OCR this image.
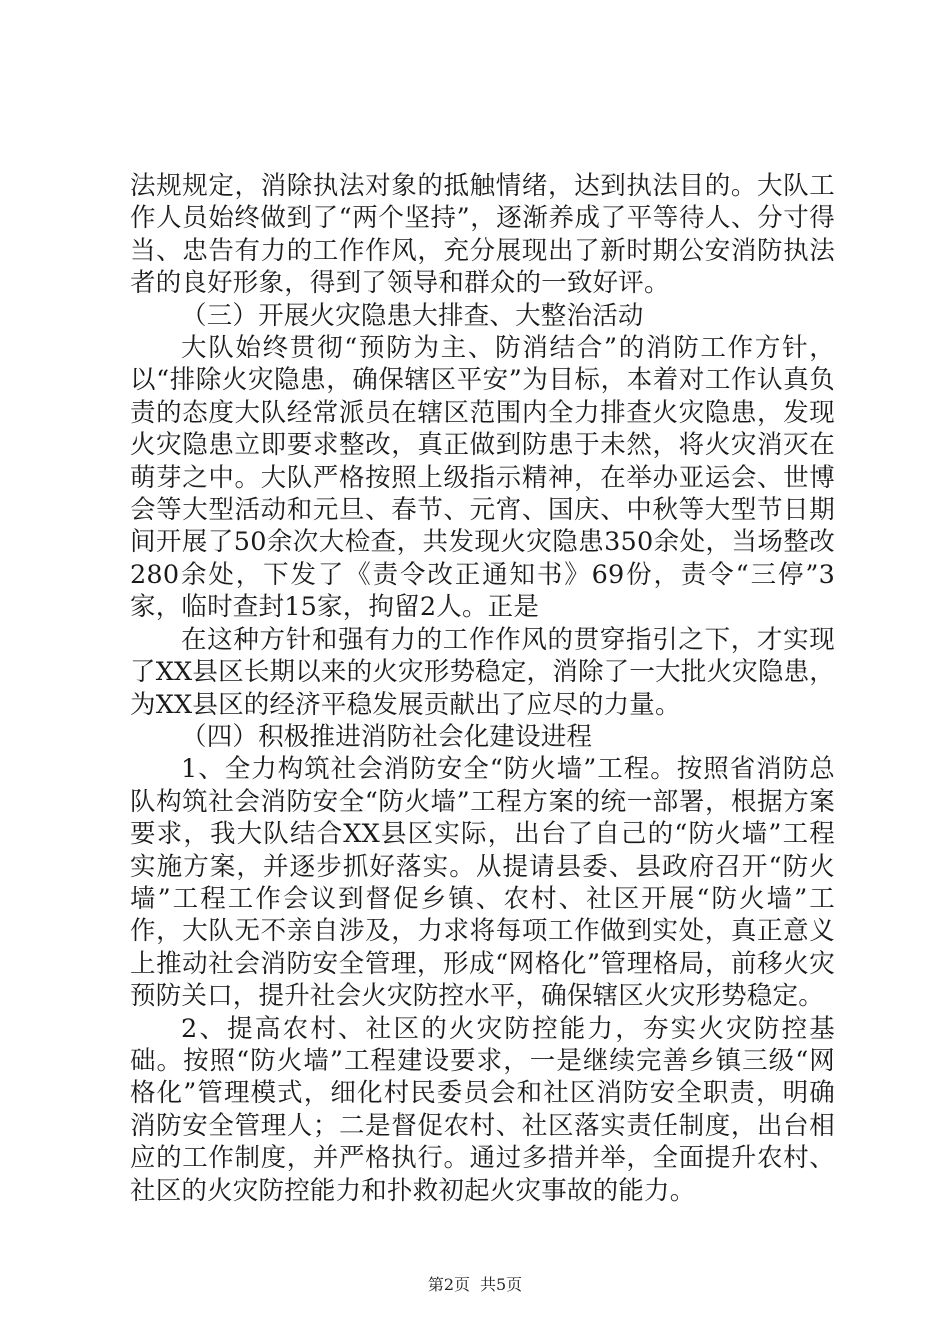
法规规定，消除执法对象的抵触情绪，达到执法目的。大队工作人员始终做到了“两个坚持”，逐渐养成了平等待人、分寸得当、忠告有力的工作作风，充分展现出了新时期公安消防执法者的良好形象，得到了领导和群众的一致好评。

（三）开展火灾隐患大排查、大整治活动

大队始终贯彻“预防为主、防消结合”的消防工作方针，以“排除火灾隐患，确保辖区平安”为目标，本着对工作认真负责的态度大队经常派员在辖区范围内全力排查火灾隐患，发现火灾隐患立即要求整改，真正做到防患于未然，将火灾消灭在萌芽之中。大队严格按照上级指示精神，在举办亚运会、世博会等大型活动和元旦、春节、元宵、国庆、中秋等大型节日期间开展了50余次大检查，共发现火灾隐患350余处，当场整改280余处，下发了《责令改正通知书》69份，责令“三停”3家，临时查封15家，拘留2人。正是

在这种方针和强有力的工作作风的贯穿指引之下，才实现了XX县区长期以来的火灾形势稳定，消除了一大批火灾隐患，为XX县区的经济平稳发展贡献出了应尽的力量。

（四）积极推进消防社会化建设进程

1、全力构筑社会消防安全“防火墙”工程。按照省消防总队构筑社会消防安全“防火墙”工程方案的统一部署，根据方案要求，我大队结合XX县区实际，出台了自己的“防火墙”工程实施方案，并逐步抓好落实。从提请县委、县政府召开“防火墙”工程工作会议到督促乡镇、农村、社区开展“防火墙”工作，大队无不亲自涉及，力求将每项工作做到实处，真正意义上推动社会消防安全管理，形成“网格化”管理格局，前移火灾预防关口，提升社会火灾防控水平，确保辖区火灾形势稳定。

2、提高农村、社区的火灾防控能力，夯实火灾防控基础。按照“防火墙”工程建设要求，一是继续完善乡镇三级“网格化”管理模式，细化村民委员会和社区消防安全职责，明确消防安全管理人；二是督促农村、社区落实责任制度，出台相应的工作制度，并严格执行。通过多措并举，全面提升农村、社区的火灾防控能力和扑救初起火灾事故的能力。

第2页 共5页
